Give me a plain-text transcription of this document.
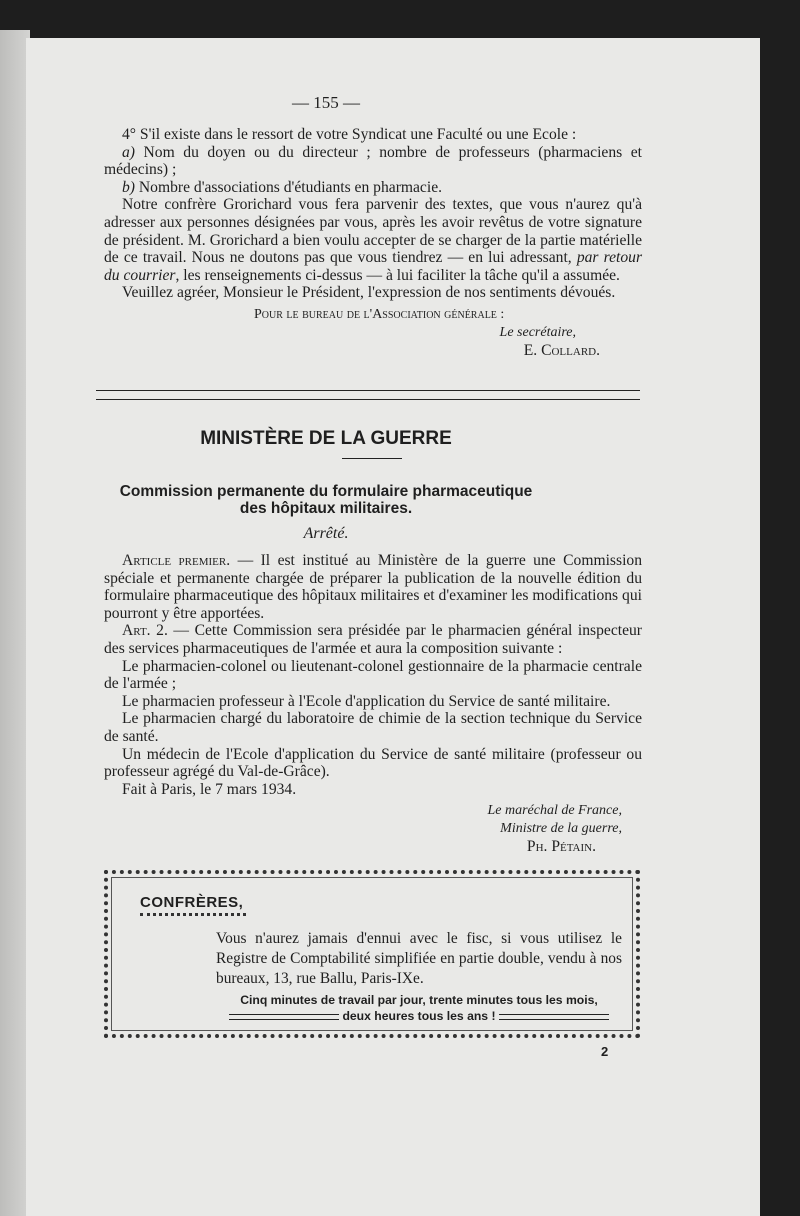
— 155 —

4° S'il existe dans le ressort de votre Syndicat une Faculté ou une Ecole :

a) Nom du doyen ou du directeur ; nombre de professeurs (pharmaciens et médecins) ;

b) Nombre d'associations d'étudiants en pharmacie.

Notre confrère Grorichard vous fera parvenir des textes, que vous n'aurez qu'à adresser aux personnes désignées par vous, après les avoir revêtus de votre signature de président. M. Grorichard a bien voulu accepter de se charger de la partie matérielle de ce travail. Nous ne doutons pas que vous tiendrez — en lui adressant, par retour du courrier, les renseignements ci-dessus — à lui faciliter la tâche qu'il a assumée.

Veuillez agréer, Monsieur le Président, l'expression de nos sentiments dévoués.

Pour le bureau de l'Association générale :

Le secrétaire,

E. Collard.

MINISTÈRE DE LA GUERRE
Commission permanente du formulaire pharmaceutique
des hôpitaux militaires.
Arrêté.

Article premier. — Il est institué au Ministère de la guerre une Commission spéciale et permanente chargée de préparer la publication de la nouvelle édition du formulaire pharmaceutique des hôpitaux militaires et d'examiner les modifications qui pourront y être apportées.

Art. 2. — Cette Commission sera présidée par le pharmacien général inspecteur des services pharmaceutiques de l'armée et aura la composition suivante :

Le pharmacien-colonel ou lieutenant-colonel gestionnaire de la pharmacie centrale de l'armée ;

Le pharmacien professeur à l'Ecole d'application du Service de santé militaire.

Le pharmacien chargé du laboratoire de chimie de la section technique du Service de santé.

Un médecin de l'Ecole d'application du Service de santé militaire (professeur ou professeur agrégé du Val-de-Grâce).

Fait à Paris, le 7 mars 1934.

Le maréchal de France,

Ministre de la guerre,

Ph. Pétain.

CONFRÈRES,
Vous n'aurez jamais d'ennui avec le fisc, si vous utilisez le Registre de Comptabilité simplifiée en partie double, vendu à nos bureaux, 13, rue Ballu, Paris-IXe.
Cinq minutes de travail par jour, trente minutes tous les mois,
deux heures tous les ans !
2
